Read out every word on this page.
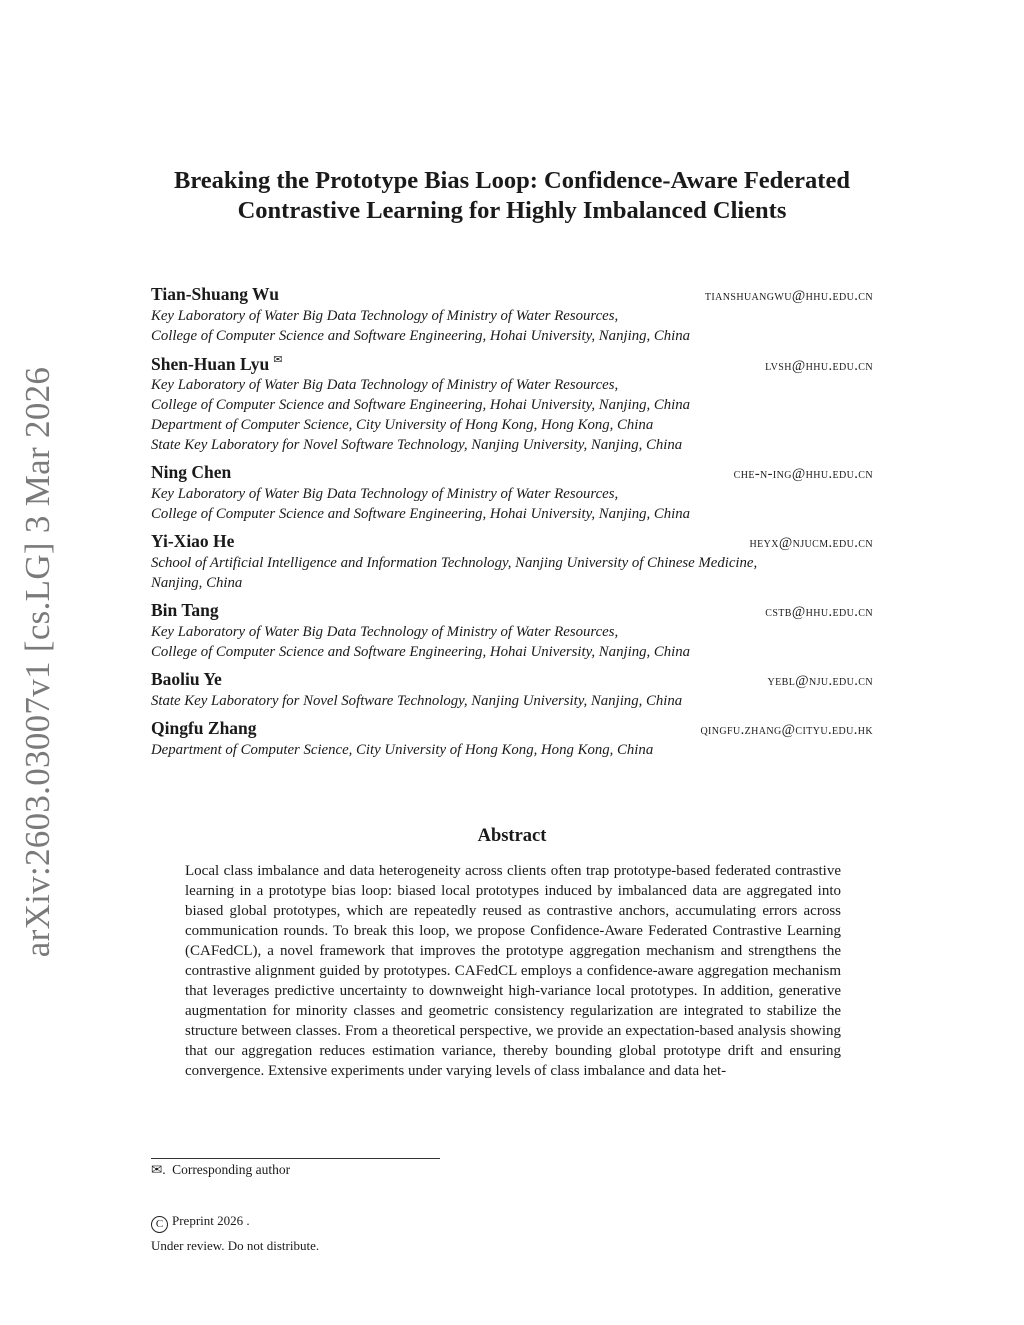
arXiv:2603.03007v1 [cs.LG] 3 Mar 2026
Breaking the Prototype Bias Loop: Confidence-Aware Federated Contrastive Learning for Highly Imbalanced Clients
Tian-Shuang Wu	tianshuangwu@hhu.edu.cn
Key Laboratory of Water Big Data Technology of Ministry of Water Resources,
College of Computer Science and Software Engineering, Hohai University, Nanjing, China
Shen-Huan Lyu ✉	lvsh@hhu.edu.cn
Key Laboratory of Water Big Data Technology of Ministry of Water Resources,
College of Computer Science and Software Engineering, Hohai University, Nanjing, China
Department of Computer Science, City University of Hong Kong, Hong Kong, China
State Key Laboratory for Novel Software Technology, Nanjing University, Nanjing, China
Ning Chen	che-n-ing@hhu.edu.cn
Key Laboratory of Water Big Data Technology of Ministry of Water Resources,
College of Computer Science and Software Engineering, Hohai University, Nanjing, China
Yi-Xiao He	heyx@njucm.edu.cn
School of Artificial Intelligence and Information Technology, Nanjing University of Chinese Medicine,
Nanjing, China
Bin Tang	cstb@hhu.edu.cn
Key Laboratory of Water Big Data Technology of Ministry of Water Resources,
College of Computer Science and Software Engineering, Hohai University, Nanjing, China
Baoliu Ye	yebl@nju.edu.cn
State Key Laboratory for Novel Software Technology, Nanjing University, Nanjing, China
Qingfu Zhang	qingfu.zhang@cityu.edu.hk
Department of Computer Science, City University of Hong Kong, Hong Kong, China
Abstract

Local class imbalance and data heterogeneity across clients often trap prototype-based federated contrastive learning in a prototype bias loop: biased local prototypes induced by imbalanced data are aggregated into biased global prototypes, which are repeatedly reused as contrastive anchors, accumulating errors across communication rounds. To break this loop, we propose Confidence-Aware Federated Contrastive Learning (CAFedCL), a novel framework that improves the prototype aggregation mechanism and strengthens the contrastive alignment guided by prototypes. CAFedCL employs a confidence-aware aggregation mechanism that leverages predictive uncertainty to downweight high-variance local prototypes. In addition, generative augmentation for minority classes and geometric consistency regularization are integrated to stabilize the structure between classes. From a theoretical perspective, we provide an expectation-based analysis showing that our aggregation reduces estimation variance, thereby bounding global prototype drift and ensuring convergence. Extensive experiments under varying levels of class imbalance and data het-

✉. Corresponding author
C Preprint 2026 .
Under review. Do not distribute.
